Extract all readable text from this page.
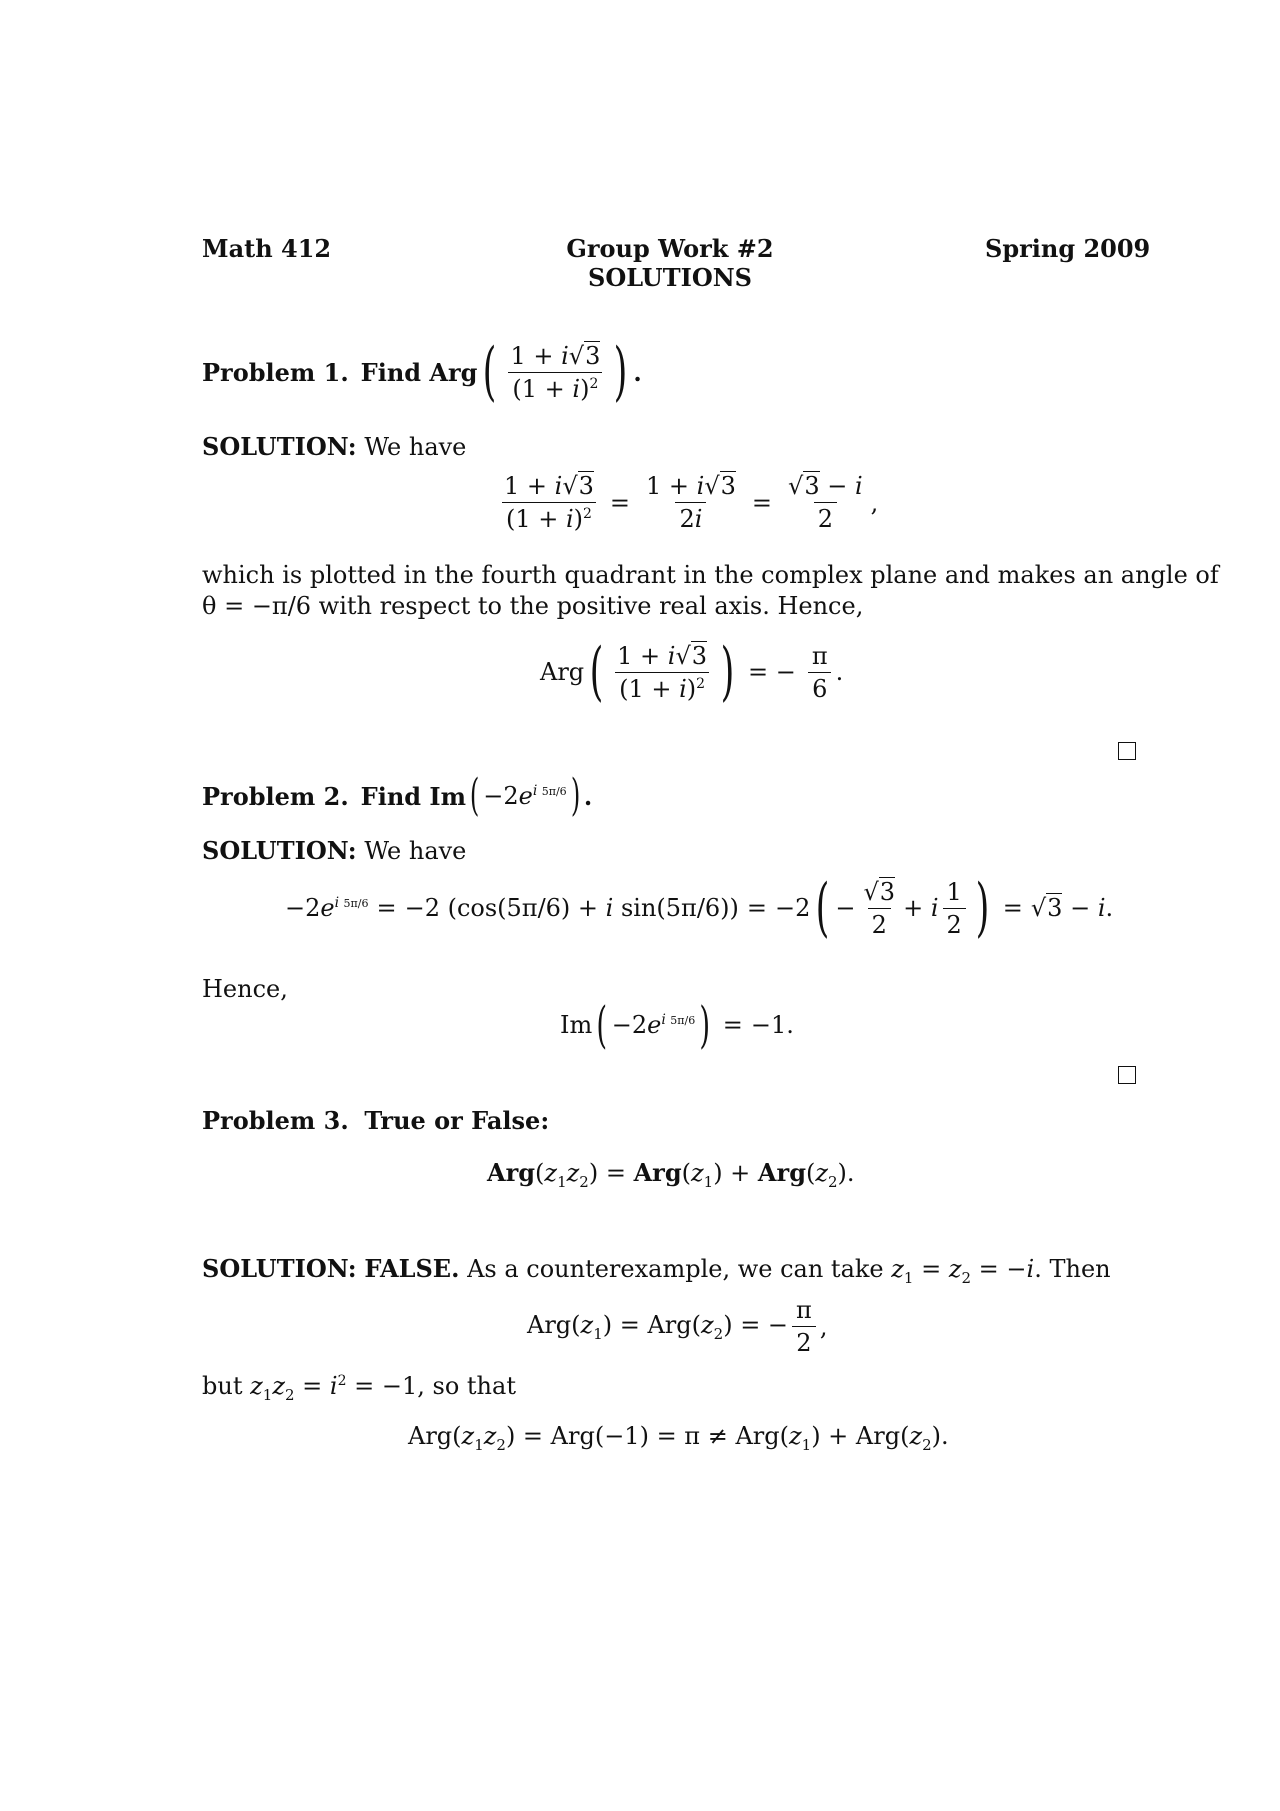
Math 412	Group Work #2
SOLUTIONS
Spring 2009
Problem 1. Find Arg ( $\frac{1 + i√3}{(1 + i)^2}$ ) .
SOLUTION: We have
$\frac{1 + i√3}{(1 + i)^2} = \frac{1 + i√3}{2i} = \frac{√3 - i}{2}$ ,
which is plotted in the fourth quadrant in the complex plane and makes an angle of
θ = −π/6 with respect to the positive real axis. Hence,
Arg ( $\frac{1 + i√3}{(1 + i)^2}$ ) = − $\frac{\pi}{6}$ .
Problem 2. Find Im ( $-2e^{i 5\pi/6}$ ) .
SOLUTION: We have
$-2e^{i 5\pi/6} = -2$ (cos(5π/6) + i sin(5π/6)) = −2 ( − $\frac{√3}{2} + i \frac{1}{2}$ ) = √3 − i.
Hence,
Im ( $-2e^{i 5\pi/6}$ ) = −1.
Problem 3. True or False:
$Arg(z_1z_2) = Arg(z_1) + Arg(z_2)$.
SOLUTION: FALSE. As a counterexample, we can take $z_1 = z_2 = -i$. Then
$Arg(z_1) = Arg(z_2)$ = − $\frac{\pi}{2}$ ,
but $z_1z_2 = i^2 = -1$, so that
$Arg(z_1z_2) = Arg(-1) = \pi \ne Arg(z_1) + Arg(z_2)$.
